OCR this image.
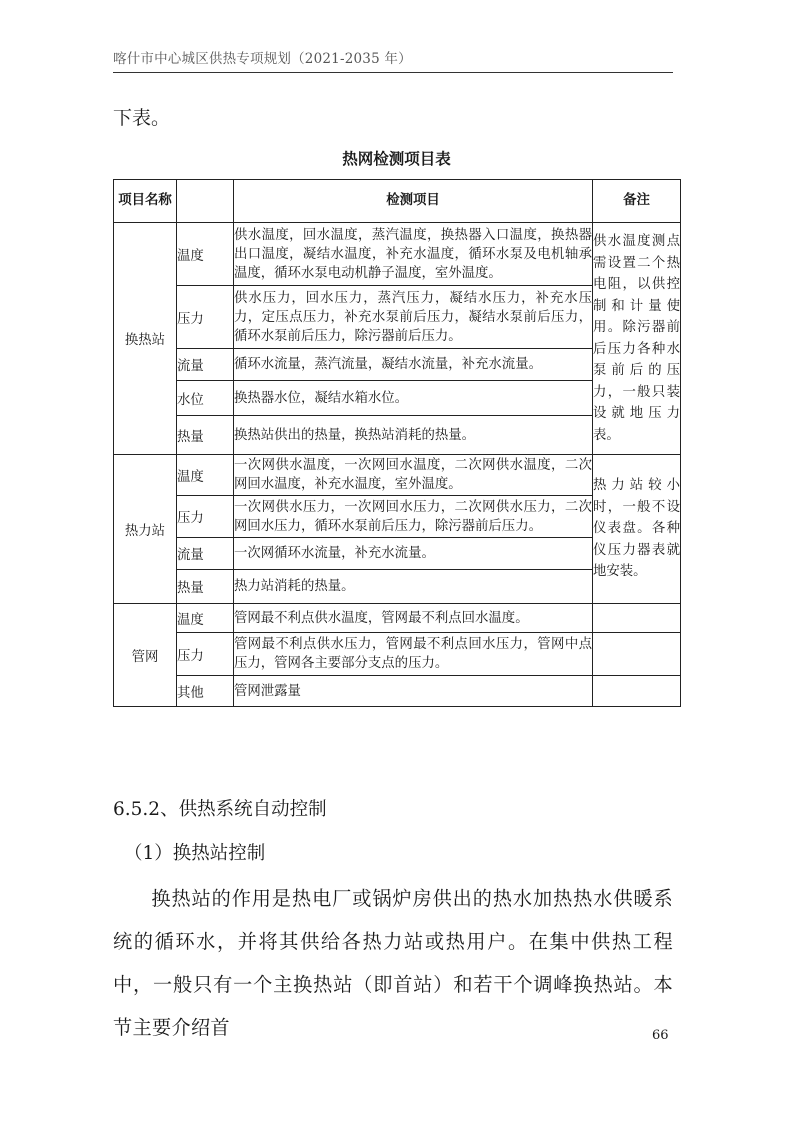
喀什市中心城区供热专项规划（2021-2035 年）
下表。
热网检测项目表
项目名称		检测项目	备注
换热站	温度	供水温度，回水温度，蒸汽温度，换热器入口温度，换热器出口温度，凝结水温度，补充水温度，循环水泵及电机轴承温度，循环水泵电动机静子温度，室外温度。	供水温度测点需设置二个热电阻，以供控制和计量使用。除污器前后压力各种水泵前后的压力，一般只装设就地压力表。
	压力	供水压力，回水压力，蒸汽压力，凝结水压力，补充水压力，定压点压力，补充水泵前后压力，凝结水泵前后压力，循环水泵前后压力，除污器前后压力。	
	流量	循环水流量，蒸汽流量，凝结水流量，补充水流量。	
	水位	换热器水位，凝结水箱水位。	
	热量	换热站供出的热量，换热站消耗的热量。	
热力站	温度	一次网供水温度，一次网回水温度，二次网供水温度，二次网回水温度，补充水温度，室外温度。	热力站较小时，一般不设仪表盘。各种仪压力器表就地安装。
	压力	一次网供水压力，一次网回水压力，二次网供水压力，二次网回水压力，循环水泵前后压力，除污器前后压力。	
	流量	一次网循环水流量，补充水流量。	
	热量	热力站消耗的热量。	
管网	温度	管网最不利点供水温度，管网最不利点回水温度。	
	压力	管网最不利点供水压力，管网最不利点回水压力，管网中点压力，管网各主要部分支点的压力。	
	其他	管网泄露量	
6.5.2、供热系统自动控制
（1）换热站控制
换热站的作用是热电厂或锅炉房供出的热水加热热水供暖系统的循环水，并将其供给各热力站或热用户。在集中供热工程中，一般只有一个主换热站（即首站）和若干个调峰换热站。本节主要介绍首	66
